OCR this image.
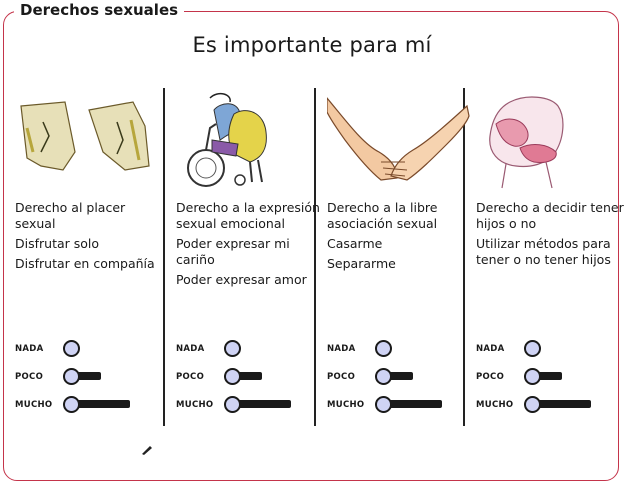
Derechos sexuales
Es importante para mí

Derecho al placer sexual

Disfrutar solo

Disfrutar en compañía

NADA
POCO
MUCHO

Derecho a la expresión sexual emocional

Poder expresar mi cariño

Poder expresar amor

NADA
POCO
MUCHO

Derecho a la libre asociación sexual

Casarme

Separarme

NADA
POCO
MUCHO

Derecho a decidir tener hijos o no

Utilizar métodos para tener o no tener hijos

NADA
POCO
MUCHO
